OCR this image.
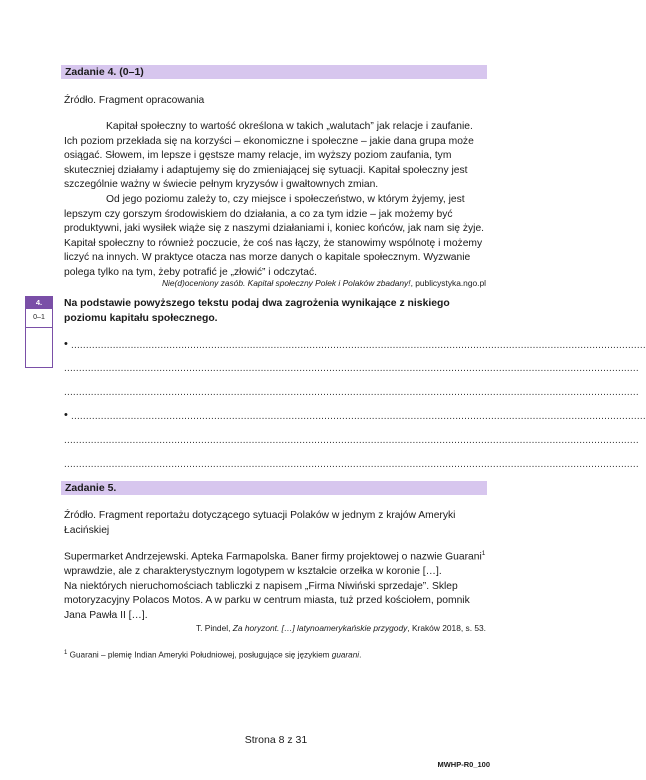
Zadanie 4. (0–1)
Źródło. Fragment opracowania
Kapitał społeczny to wartość określona w takich „walutach” jak relacje i zaufanie.
Ich poziom przekłada się na korzyści – ekonomiczne i społeczne – jakie dana grupa może
osiągać. Słowem, im lepsze i gęstsze mamy relacje, im wyższy poziom zaufania, tym
skuteczniej działamy i adaptujemy się do zmieniającej się sytuacji. Kapitał społeczny jest
szczególnie ważny w świecie pełnym kryzysów i gwałtownych zmian.
Od jego poziomu zależy to, czy miejsce i społeczeństwo, w którym żyjemy, jest
lepszym czy gorszym środowiskiem do działania, a co za tym idzie – jak możemy być
produktywni, jaki wysiłek wiąże się z naszymi działaniami i, koniec końców, jak nam się żyje.
Kapitał społeczny to również poczucie, że coś nas łączy, że stanowimy wspólnotę i możemy
liczyć na innych. W praktyce otacza nas morze danych o kapitale społecznym. Wyzwanie
polega tylko na tym, żeby potrafić je „złowić” i odczytać.
Nie(d)oceniony zasób. Kapitał społeczny Polek i Polaków zbadany!, publicystyka.ngo.pl
4.
0–1
Na podstawie powyższego tekstu podaj dwa zagrożenia wynikające z niskiego
poziomu kapitału społecznego.
• .................................................................................................................................................................................................
.................................................................................................................................................................................................
.................................................................................................................................................................................................
• .................................................................................................................................................................................................
.................................................................................................................................................................................................
.................................................................................................................................................................................................
Zadanie 5.
Źródło. Fragment reportażu dotyczącego sytuacji Polaków w jednym z krajów Ameryki
Łacińskiej
Supermarket Andrzejewski. Apteka Farmapolska. Baner firmy projektowej o nazwie Guarani$^1$
wprawdzie, ale z charakterystycznym logotypem w kształcie orzełka w koronie […].
Na niektórych nieruchomościach tabliczki z napisem „Firma Niwiński sprzedaje”. Sklep
motoryzacyjny Polacos Motos. A w parku w centrum miasta, tuż przed kościołem, pomnik
Jana Pawła II […].
T. Pindel, Za horyzont. […] latynoamerykańskie przygody, Kraków 2018, s. 53.
$^1$ Guarani – plemię Indian Ameryki Południowej, posługujące się językiem guarani.
Strona 8 z 31
MWHP-R0_100
